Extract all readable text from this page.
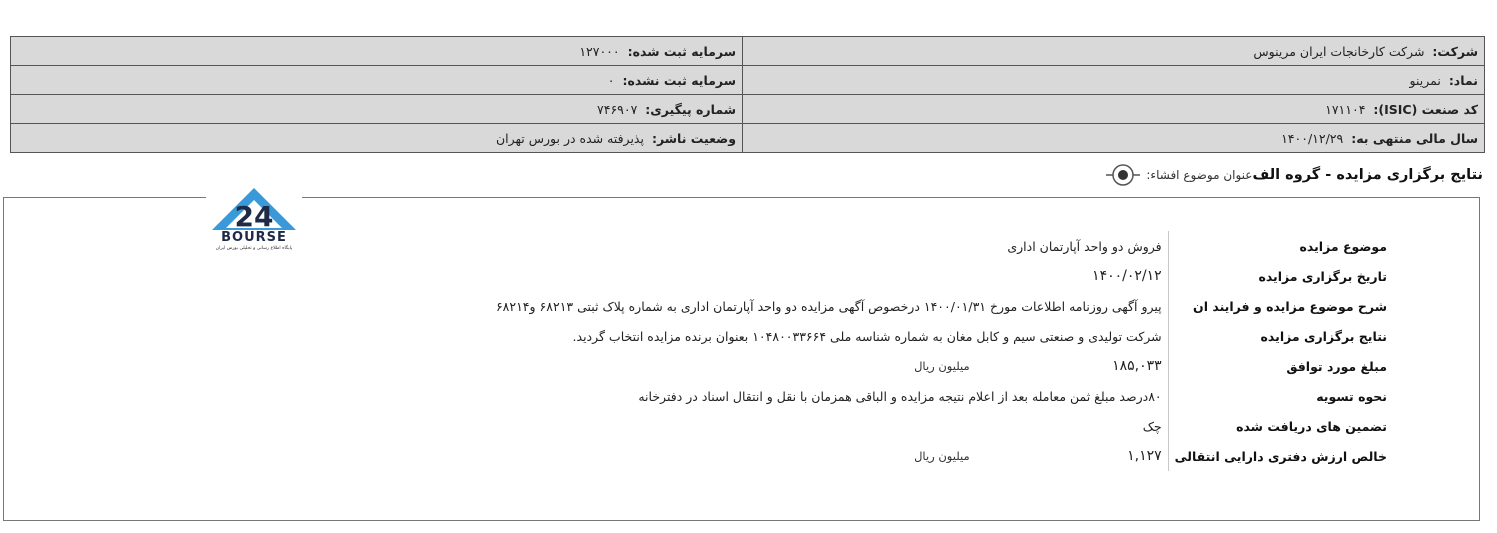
شرکت: شرکت کارخانجات ایران مرینوس	سرمایه ثبت شده: ۱۲۷۰۰۰
نماد: نمرینو	سرمایه ثبت نشده: ۰
کد صنعت (ISIC): ۱۷۱۱۰۴	شماره پیگیری: ۷۴۶۹۰۷
سال مالی منتهی به: ۱۴۰۰/۱۲/۲۹	وضعیت ناشر: پذیرفته شده در بورس تهران
عنوان موضوع افشاء: نتایج برگزاری مزایده - گروه الف
24
BOURSE
پایگاه اطلاع رسانی و تحلیلی بورس ایران	موضوع مزایده	فروش دو واحد آپارتمان اداری
تاریخ برگزاری مزایده	۱۴۰۰/۰۲/۱۲
شرح موضوع مزایده و فرایند ان	پیرو آگهی روزنامه اطلاعات مورخ ۱۴۰۰/۰۱/۳۱ درخصوص آگهی مزایده دو واحد آپارتمان اداری به شماره پلاک ثبتی ۶۸۲۱۳ و۶۸۲۱۴
نتایج برگزاری مزایده	شرکت تولیدی و صنعتی سیم و کابل مغان به شماره شناسه ملی ۱۰۴۸۰۰۳۳۶۶۴ بعنوان برنده مزایده انتخاب گردید.
مبلغ مورد توافق	۱۸۵,۰۳۳ میلیون ریال
نحوه تسویه	۸۰درصد مبلغ ثمن معامله بعد از اعلام نتیجه مزایده و الباقی همزمان با نقل و انتقال اسناد در دفترخانه
تضمین های دریافت شده	چک
خالص ارزش دفتری دارایی انتقالی	۱,۱۲۷ میلیون ریال
